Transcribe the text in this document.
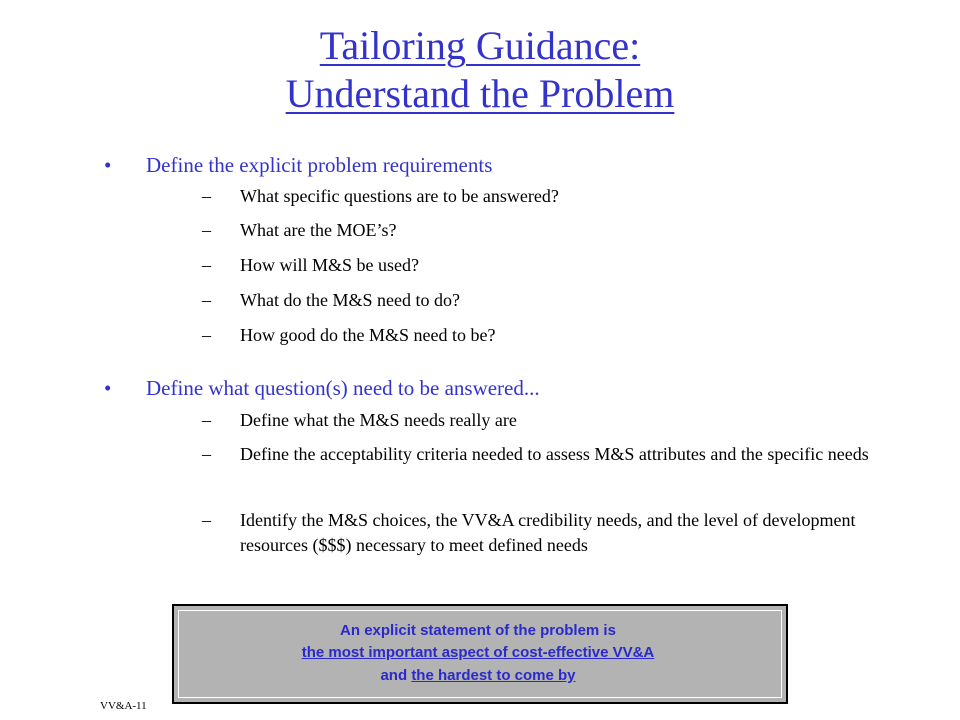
Tailoring Guidance:
Understand the Problem
• Define the explicit problem requirements
– What specific questions are to be answered?
– What are the MOE’s?
– How will M&S be used?
– What do the M&S need to do?
– How good do the M&S need to be?
• Define what question(s) need to be answered...
– Define what the M&S needs really are
– Define the acceptability criteria needed to assess M&S attributes and the specific needs
– Identify the M&S choices, the VV&A credibility needs, and the level of development resources ($$$) necessary to meet defined needs
An explicit statement of the problem is
the most important aspect of cost-effective VV&A
and the hardest to come by
VV&A-11
